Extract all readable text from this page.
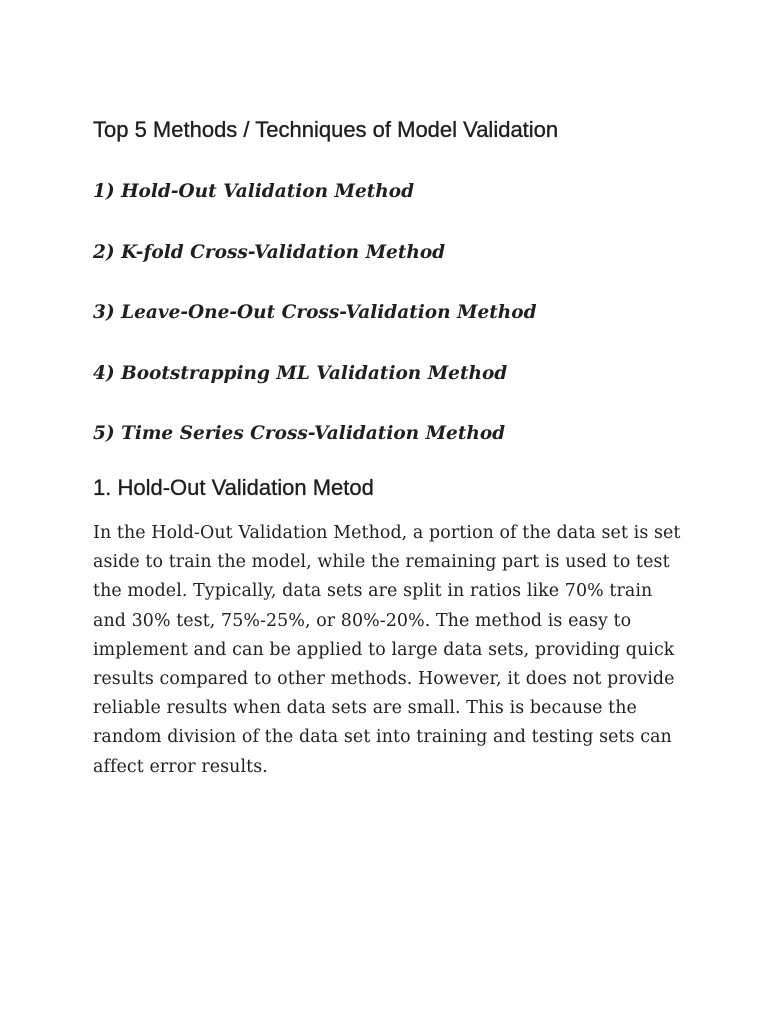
Top 5 Methods / Techniques of Model Validation
1) Hold-Out Validation Method
2) K-fold Cross-Validation Method
3) Leave-One-Out Cross-Validation Method
4) Bootstrapping ML Validation Method
5) Time Series Cross-Validation Method
1. Hold-Out Validation Metod

In the Hold-Out Validation Method, a portion of the data set is set aside to train the model, while the remaining part is used to test the model. Typically, data sets are split in ratios like 70% train and 30% test, 75%-25%, or 80%-20%. The method is easy to implement and can be applied to large data sets, providing quick results compared to other methods. However, it does not provide reliable results when data sets are small. This is because the random division of the data set into training and testing sets can affect error results.
